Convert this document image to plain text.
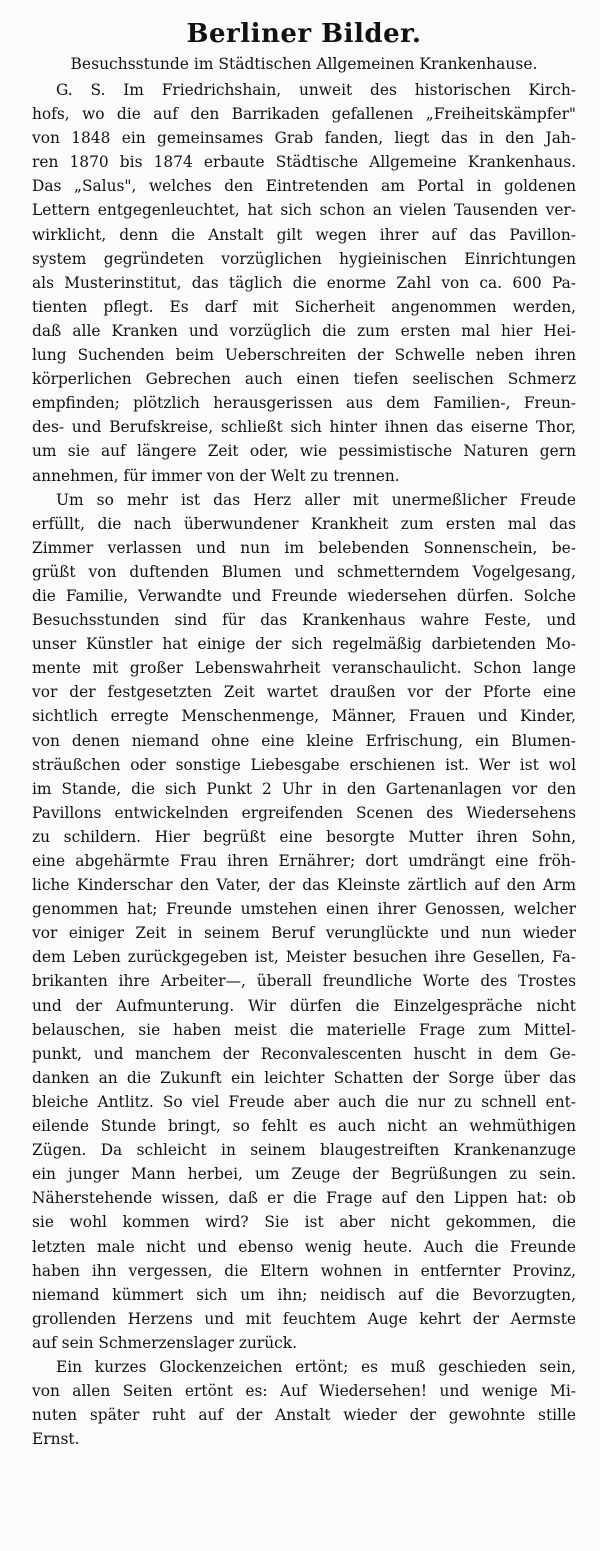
Berliner Bilder.
Besuchsstunde im Städtischen Allgemeinen Krankenhause.
G. S. Im Friedrichshain, unweit des historischen Kirch-
hofs, wo die auf den Barrikaden gefallenen „Freiheitskämpfer"
von 1848 ein gemeinsames Grab fanden, liegt das in den Jah-
ren 1870 bis 1874 erbaute Städtische Allgemeine Krankenhaus.
Das „Salus", welches den Eintretenden am Portal in goldenen
Lettern entgegenleuchtet, hat sich schon an vielen Tausenden ver-
wirklicht, denn die Anstalt gilt wegen ihrer auf das Pavillon-
system gegründeten vorzüglichen hygieinischen Einrichtungen
als Musterinstitut, das täglich die enorme Zahl von ca. 600 Pa-
tienten pflegt. Es darf mit Sicherheit angenommen werden,
daß alle Kranken und vorzüglich die zum ersten mal hier Hei-
lung Suchenden beim Ueberschreiten der Schwelle neben ihren
körperlichen Gebrechen auch einen tiefen seelischen Schmerz
empfinden; plötzlich herausgerissen aus dem Familien-, Freun-
des- und Berufskreise, schließt sich hinter ihnen das eiserne Thor,
um sie auf längere Zeit oder, wie pessimistische Naturen gern
annehmen, für immer von der Welt zu trennen.
Um so mehr ist das Herz aller mit unermeßlicher Freude
erfüllt, die nach überwundener Krankheit zum ersten mal das
Zimmer verlassen und nun im belebenden Sonnenschein, be-
grüßt von duftenden Blumen und schmetterndem Vogelgesang,
die Familie, Verwandte und Freunde wiedersehen dürfen. Solche
Besuchsstunden sind für das Krankenhaus wahre Feste, und
unser Künstler hat einige der sich regelmäßig darbietenden Mo-
mente mit großer Lebenswahrheit veranschaulicht. Schon lange
vor der festgesetzten Zeit wartet draußen vor der Pforte eine
sichtlich erregte Menschenmenge, Männer, Frauen und Kinder,
von denen niemand ohne eine kleine Erfrischung, ein Blumen-
sträußchen oder sonstige Liebesgabe erschienen ist. Wer ist wol
im Stande, die sich Punkt 2 Uhr in den Gartenanlagen vor den
Pavillons entwickelnden ergreifenden Scenen des Wiedersehens
zu schildern. Hier begrüßt eine besorgte Mutter ihren Sohn,
eine abgehärmte Frau ihren Ernährer; dort umdrängt eine fröh-
liche Kinderschar den Vater, der das Kleinste zärtlich auf den Arm
genommen hat; Freunde umstehen einen ihrer Genossen, welcher
vor einiger Zeit in seinem Beruf verunglückte und nun wieder
dem Leben zurückgegeben ist, Meister besuchen ihre Gesellen, Fa-
brikanten ihre Arbeiter—, überall freundliche Worte des Trostes
und der Aufmunterung. Wir dürfen die Einzelgespräche nicht
belauschen, sie haben meist die materielle Frage zum Mittel-
punkt, und manchem der Reconvalescenten huscht in dem Ge-
danken an die Zukunft ein leichter Schatten der Sorge über das
bleiche Antlitz. So viel Freude aber auch die nur zu schnell ent-
eilende Stunde bringt, so fehlt es auch nicht an wehmüthigen
Zügen. Da schleicht in seinem blaugestreiften Krankenanzuge
ein junger Mann herbei, um Zeuge der Begrüßungen zu sein.
Näherstehende wissen, daß er die Frage auf den Lippen hat: ob
sie wohl kommen wird? Sie ist aber nicht gekommen, die
letzten male nicht und ebenso wenig heute. Auch die Freunde
haben ihn vergessen, die Eltern wohnen in entfernter Provinz,
niemand kümmert sich um ihn; neidisch auf die Bevorzugten,
grollenden Herzens und mit feuchtem Auge kehrt der Aermste
auf sein Schmerzenslager zurück.
Ein kurzes Glockenzeichen ertönt; es muß geschieden sein,
von allen Seiten ertönt es: Auf Wiedersehen! und wenige Mi-
nuten später ruht auf der Anstalt wieder der gewohnte stille
Ernst.
